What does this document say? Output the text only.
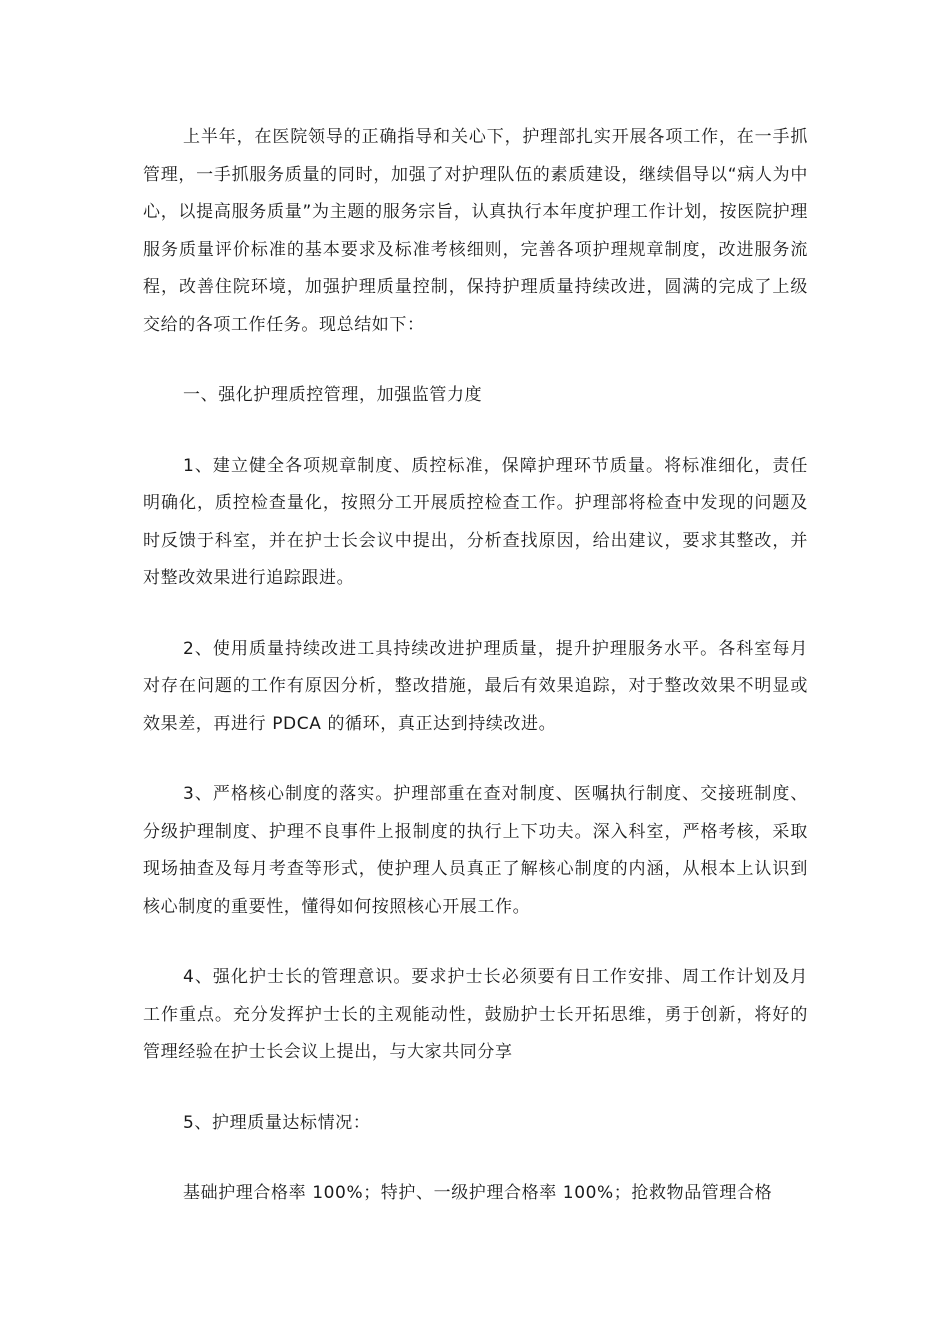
上半年，在医院领导的正确指导和关心下，护理部扎实开展各项工作，在一手抓管理，一手抓服务质量的同时，加强了对护理队伍的素质建设，继续倡导以“病人为中心，以提高服务质量”为主题的服务宗旨，认真执行本年度护理工作计划，按医院护理服务质量评价标准的基本要求及标准考核细则，完善各项护理规章制度，改进服务流程，改善住院环境，加强护理质量控制，保持护理质量持续改进，圆满的完成了上级交给的各项工作任务。现总结如下：

一、强化护理质控管理，加强监管力度

1、建立健全各项规章制度、质控标准，保障护理环节质量。将标准细化，责任明确化，质控检查量化，按照分工开展质控检查工作。护理部将检查中发现的问题及时反馈于科室，并在护士长会议中提出，分析查找原因，给出建议，要求其整改，并对整改效果进行追踪跟进。

2、使用质量持续改进工具持续改进护理质量，提升护理服务水平。各科室每月对存在问题的工作有原因分析，整改措施，最后有效果追踪，对于整改效果不明显或效果差，再进行 PDCA 的循环，真正达到持续改进。

3、严格核心制度的落实。护理部重在查对制度、医嘱执行制度、交接班制度、分级护理制度、护理不良事件上报制度的执行上下功夫。深入科室，严格考核，采取现场抽查及每月考查等形式，使护理人员真正了解核心制度的内涵，从根本上认识到核心制度的重要性，懂得如何按照核心开展工作。

4、强化护士长的管理意识。要求护士长必须要有日工作安排、周工作计划及月工作重点。充分发挥护士长的主观能动性，鼓励护士长开拓思维，勇于创新，将好的管理经验在护士长会议上提出，与大家共同分享

5、护理质量达标情况：

基础护理合格率 100%；特护、一级护理合格率 100%；抢救物品管理合格
